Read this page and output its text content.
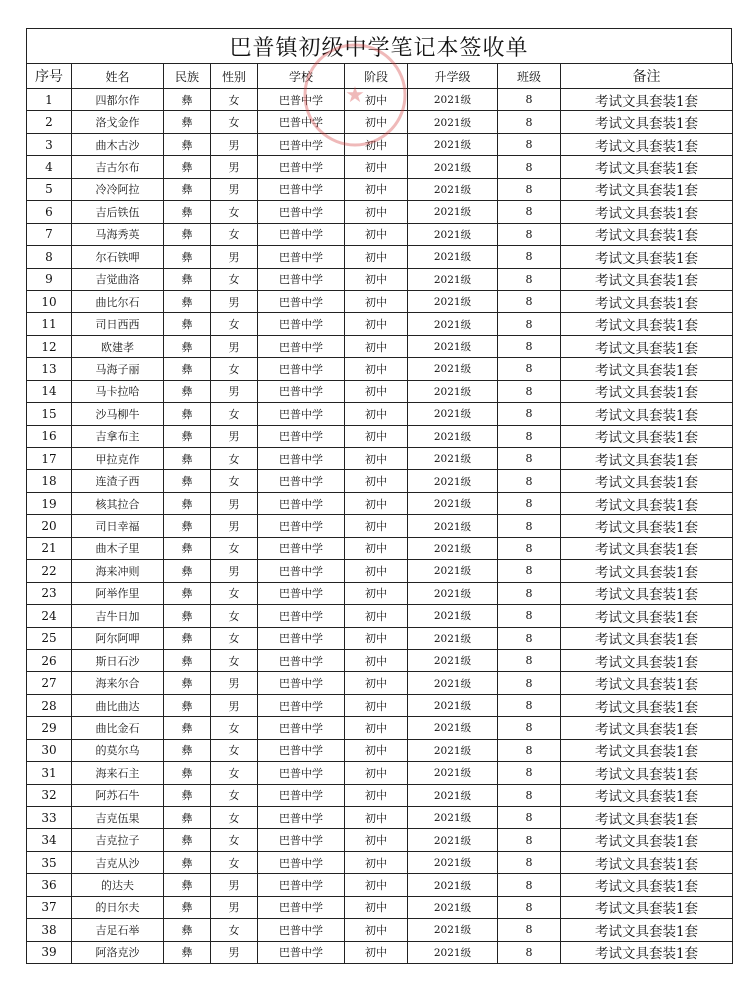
巴普镇初级中学笔记本签收单
序号	姓名	民族	性别	学校	阶段	升学级	班级	备注
1	四都尔作	彝	女	巴普中学	初中	2021级	8	考试文具套装1套
2	洛戈金作	彝	女	巴普中学	初中	2021级	8	考试文具套装1套
3	曲木古沙	彝	男	巴普中学	初中	2021级	8	考试文具套装1套
4	吉古尔布	彝	男	巴普中学	初中	2021级	8	考试文具套装1套
5	冷冷阿拉	彝	男	巴普中学	初中	2021级	8	考试文具套装1套
6	吉后铁伍	彝	女	巴普中学	初中	2021级	8	考试文具套装1套
7	马海秀英	彝	女	巴普中学	初中	2021级	8	考试文具套装1套
8	尔石铁呷	彝	男	巴普中学	初中	2021级	8	考试文具套装1套
9	吉觉曲洛	彝	女	巴普中学	初中	2021级	8	考试文具套装1套
10	曲比尔石	彝	男	巴普中学	初中	2021级	8	考试文具套装1套
11	司日西西	彝	女	巴普中学	初中	2021级	8	考试文具套装1套
12	欧建孝	彝	男	巴普中学	初中	2021级	8	考试文具套装1套
13	马海子丽	彝	女	巴普中学	初中	2021级	8	考试文具套装1套
14	马卡拉哈	彝	男	巴普中学	初中	2021级	8	考试文具套装1套
15	沙马柳牛	彝	女	巴普中学	初中	2021级	8	考试文具套装1套
16	吉拿布主	彝	男	巴普中学	初中	2021级	8	考试文具套装1套
17	甲拉克作	彝	女	巴普中学	初中	2021级	8	考试文具套装1套
18	连渣子西	彝	女	巴普中学	初中	2021级	8	考试文具套装1套
19	核其拉合	彝	男	巴普中学	初中	2021级	8	考试文具套装1套
20	司日幸福	彝	男	巴普中学	初中	2021级	8	考试文具套装1套
21	曲木子里	彝	女	巴普中学	初中	2021级	8	考试文具套装1套
22	海来冲则	彝	男	巴普中学	初中	2021级	8	考试文具套装1套
23	阿举作里	彝	女	巴普中学	初中	2021级	8	考试文具套装1套
24	吉牛日加	彝	女	巴普中学	初中	2021级	8	考试文具套装1套
25	阿尔阿呷	彝	女	巴普中学	初中	2021级	8	考试文具套装1套
26	斯日石沙	彝	女	巴普中学	初中	2021级	8	考试文具套装1套
27	海来尔合	彝	男	巴普中学	初中	2021级	8	考试文具套装1套
28	曲比曲达	彝	男	巴普中学	初中	2021级	8	考试文具套装1套
29	曲比金石	彝	女	巴普中学	初中	2021级	8	考试文具套装1套
30	的莫尔乌	彝	女	巴普中学	初中	2021级	8	考试文具套装1套
31	海来石主	彝	女	巴普中学	初中	2021级	8	考试文具套装1套
32	阿苏石牛	彝	女	巴普中学	初中	2021级	8	考试文具套装1套
33	吉克伍果	彝	女	巴普中学	初中	2021级	8	考试文具套装1套
34	吉克拉子	彝	女	巴普中学	初中	2021级	8	考试文具套装1套
35	吉克从沙	彝	女	巴普中学	初中	2021级	8	考试文具套装1套
36	的达夫	彝	男	巴普中学	初中	2021级	8	考试文具套装1套
37	的日尔夫	彝	男	巴普中学	初中	2021级	8	考试文具套装1套
38	吉足石举	彝	女	巴普中学	初中	2021级	8	考试文具套装1套
39	阿洛克沙	彝	男	巴普中学	初中	2021级	8	考试文具套装1套
★
